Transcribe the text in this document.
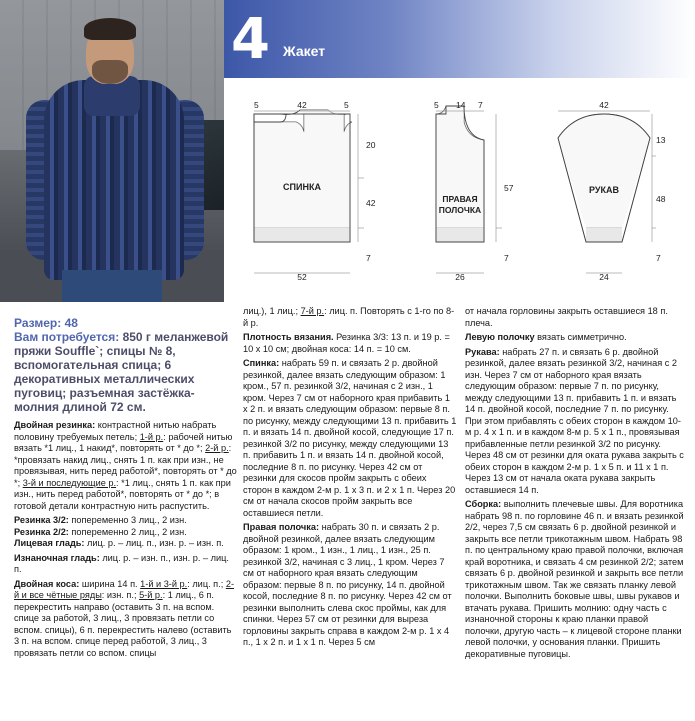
4 Жакет
СПИНКА
5	42	5
20
42
7
52
ПРАВАЯ
ПОЛОЧКА
5 14 7
57
7
26
РУКАВ
42
13
48
7
24
Размер: 48
Вам потребуется: 850 г меланжевой пряжи Souffle`; спицы № 8, вспомогательная спица; 6 декоративных металлических пуговиц; разъемная застёжка-молния длиной 72 см.

Двойная резинка: контрастной нитью набрать половину требуемых петель; 1-й р.: рабочей нитью вязать *1 лиц., 1 накид*, повторять от * до *; 2-й р.: *провязать накид лиц., снять 1 п. как при изн., не провязывая, нить перед работой*, повторять от * до *; 3-й и последующие р.: *1 лиц., снять 1 п. как при изн., нить перед работой*, повторять от * до *; в готовой детали контрастную нить распустить.

Резинка 3/2: попеременно 3 лиц., 2 изн.

Резинка 2/2: попеременно 2 лиц., 2 изн.

Лицевая гладь: лиц. р. – лиц. п., изн. р. – изн. п.

Изнаночная гладь: лиц. р. – изн. п., изн. р. – лиц. п.

Двойная коса: ширина 14 п. 1-й и 3-й р.: лиц. п.; 2-й и все чётные ряды: изн. п.; 5-й р.: 1 лиц., 6 п. перекрестить направо (оставить 3 п. на вспом. спице за работой, 3 лиц., 3 провязать петли со вспом. спицы), 6 п. перекрестить налево (оставить 3 п. на вспом. спице перед работой, 3 лиц., 3 провязать петли со вспом. спицы

лиц.), 1 лиц.; 7-й р.: лиц. п. Повторять с 1-го по 8-й р.

Плотность вязания. Резинка 3/3: 13 п. и 19 р. = 10 х 10 см; двойная коса: 14 п. = 10 см.

Спинка: набрать 59 п. и связать 2 р. двойной резинкой, далее вязать следующим образом: 1 кром., 57 п. резинкой 3/2, начиная с 2 изн., 1 кром. Через 7 см от наборного края прибавить 1 х 2 п. и вязать следующим образом: первые 8 п. по рисунку, между следующими 13 п. прибавить 1 п. и вязать 14 п. двойной косой, следующие 17 п. резинкой 3/2 по рисунку, между следующими 13 п. прибавить 1 п. и вязать 14 п. двойной косой, последние 8 п. по рисунку. Через 42 см от резинки для скосов пройм закрыть с обеих сторон в каждом 2-м р. 1 х 3 п. и 2 х 1 п. Через 20 см от начала скосов пройм закрыть все оставшиеся петли.

Правая полочка: набрать 30 п. и связать 2 р. двойной резинкой, далее вязать следующим образом: 1 кром., 1 изн., 1 лиц., 1 изн., 25 п. резинкой 3/2, начиная с 3 лиц., 1 кром. Через 7 см от наборного края вязать следующим образом: первые 8 п. по рисунку, 14 п. двойной косой, последние 8 п. по рисунку. Через 42 см от резинки выполнить слева скос проймы, как для спинки. Через 57 см от резинки для выреза горловины закрыть справа в каждом 2-м р. 1 х 4 п., 1 х 2 п. и 1 х 1 п. Через 5 см

от начала горловины закрыть оставшиеся 18 п. плеча.

Левую полочку вязать симметрично.

Рукава: набрать 27 п. и связать 6 р. двойной резинкой, далее вязать резинкой 3/2, начиная с 2 изн. Через 7 см от наборного края вязать следующим образом: первые 7 п. по рисунку, между следующими 13 п. прибавить 1 п. и вязать 14 п. двойной косой, последние 7 п. по рисунку. При этом прибавлять с обеих сторон в каждом 10-м р. 4 х 1 п. и в каждом 8-м р. 5 х 1 п., провязывая прибавленные петли резинкой 3/2 по рисунку. Через 48 см от резинки для оката рукава закрыть с обеих сторон в каждом 2-м р. 1 х 5 п. и 11 х 1 п. Через 13 см от начала оката рукава закрыть оставшиеся 14 п.

Сборка: выполнить плечевые швы. Для воротника набрать 98 п. по горловине 46 п. и вязать резинкой 2/2, через 7,5 см связать 6 р. двойной резинкой и закрыть все петли трикотажным швом. Набрать 98 п. по центральному краю правой полочки, включая край воротника, и связать 4 см резинкой 2/2; затем связать 6 р. двойной резинкой и закрыть все петли трикотажным швом. Так же связать планку левой полочки. Выполнить боковые швы, швы рукавов и втачать рукава. Пришить молнию: одну часть с изнаночной стороны к краю планки правой полочки, другую часть – к лицевой стороне планки левой полочки, у основания планки. Пришить декоративные пуговицы.
